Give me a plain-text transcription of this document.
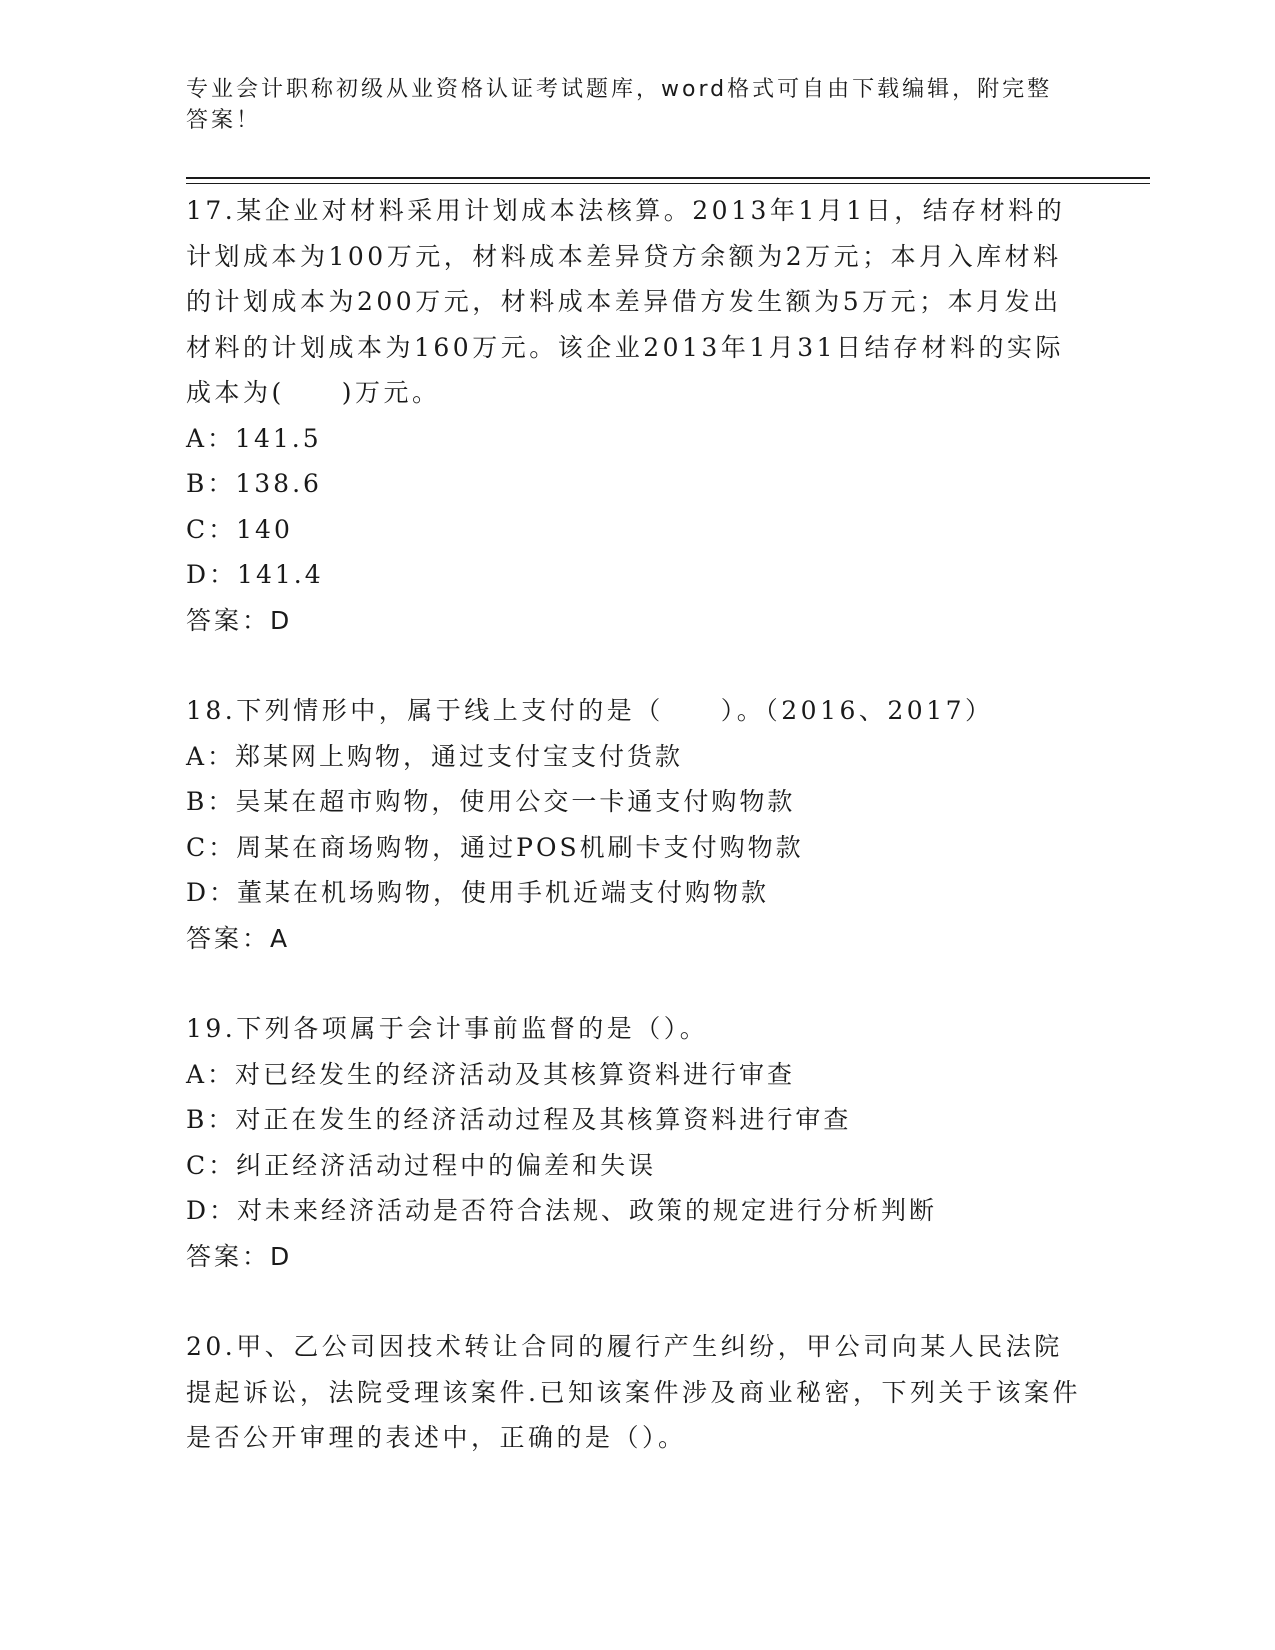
专业会计职称初级从业资格认证考试题库，word格式可自由下载编辑，附完整答案！

17.某企业对材料采用计划成本法核算。2013年1月1日，结存材料的计划成本为100万元，材料成本差异贷方余额为2万元；本月入库材料的计划成本为200万元，材料成本差异借方发生额为5万元；本月发出材料的计划成本为160万元。该企业2013年1月31日结存材料的实际成本为(　　)万元。

A：141.5

B：138.6

C：140

D：141.4

答案：D

18.下列情形中，属于线上支付的是（　　）。（2016、2017）

A：郑某网上购物，通过支付宝支付货款

B：吴某在超市购物，使用公交一卡通支付购物款

C：周某在商场购物，通过POS机刷卡支付购物款

D：董某在机场购物，使用手机近端支付购物款

答案：A

19.下列各项属于会计事前监督的是（）。

A：对已经发生的经济活动及其核算资料进行审查

B：对正在发生的经济活动过程及其核算资料进行审查

C：纠正经济活动过程中的偏差和失误

D：对未来经济活动是否符合法规、政策的规定进行分析判断

答案：D

20.甲、乙公司因技术转让合同的履行产生纠纷，甲公司向某人民法院提起诉讼，法院受理该案件.已知该案件涉及商业秘密，下列关于该案件是否公开审理的表述中，正确的是（）。
